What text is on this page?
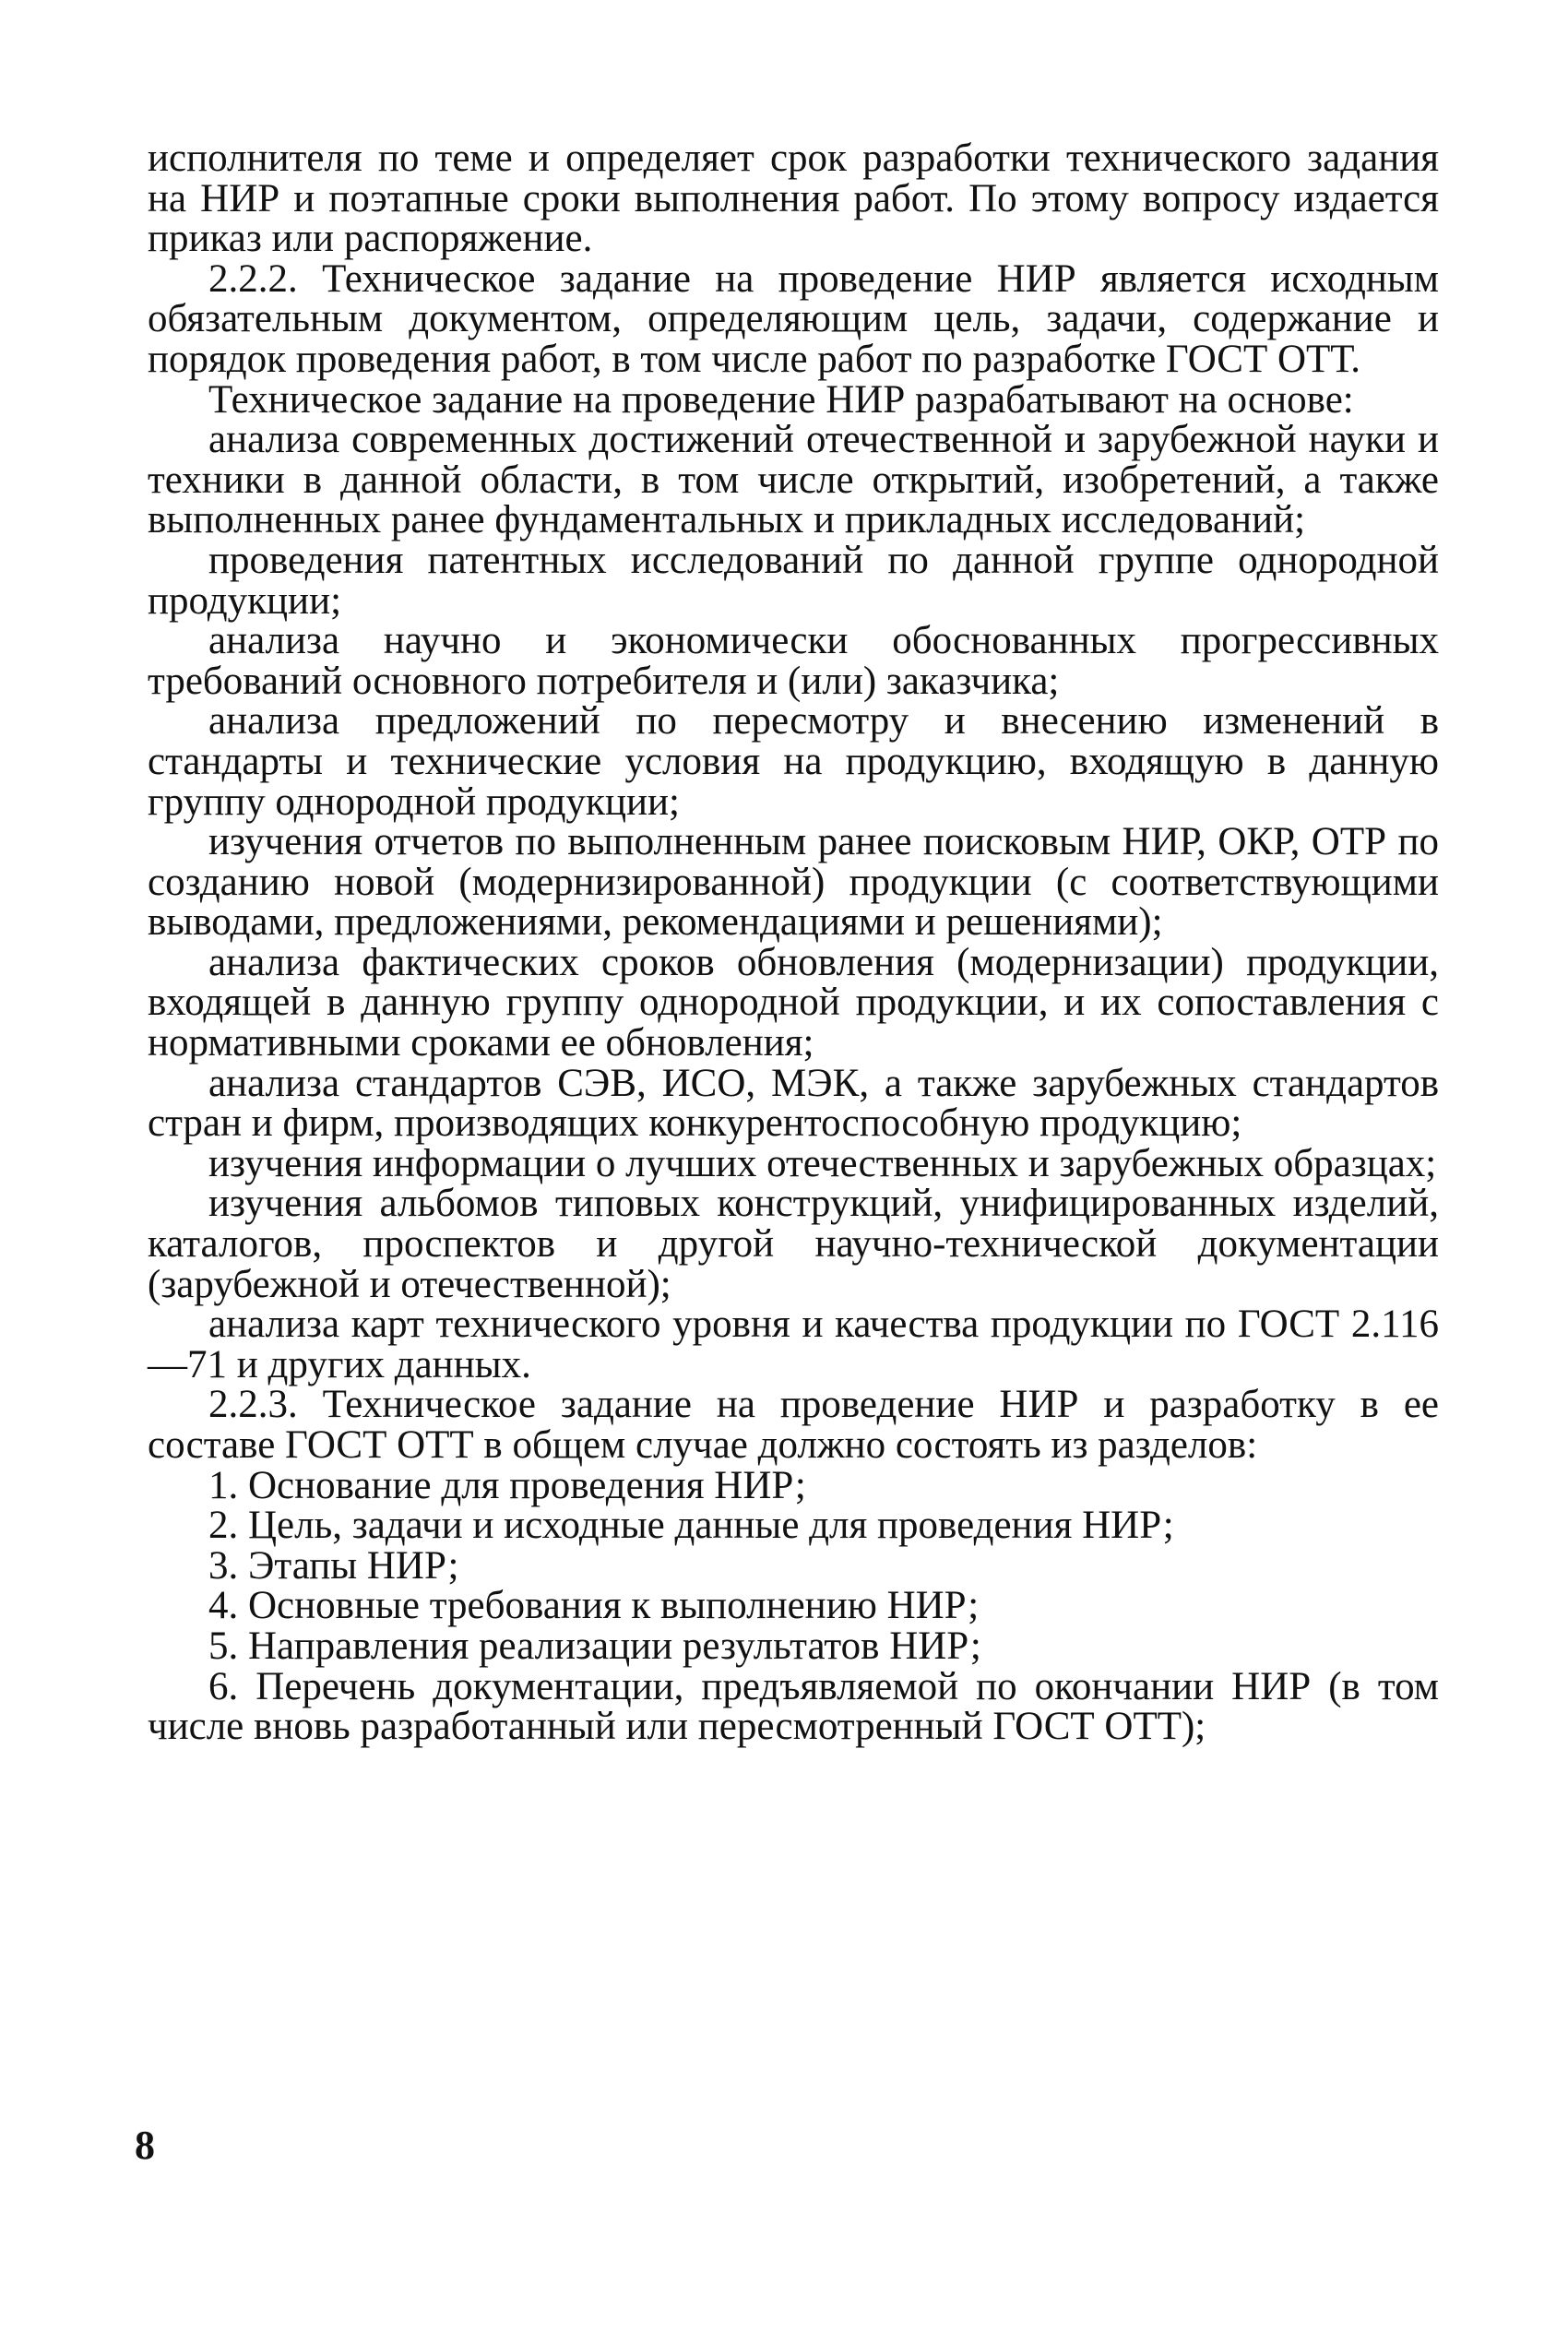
исполнителя по теме и определяет срок разработки технического задания на НИР и поэтапные сроки выполнения работ. По этому вопросу издается приказ или распоряжение.

2.2.2. Техническое задание на проведение НИР является исходным обязательным документом, определяющим цель, задачи, содержание и порядок проведения работ, в том числе работ по разработке ГОСТ ОТТ.

Техническое задание на проведение НИР разрабатывают на основе:

анализа современных достижений отечественной и зарубежной науки и техники в данной области, в том числе открытий, изобретений, а также выполненных ранее фундаментальных и прикладных исследований;

проведения патентных исследований по данной группе однородной продукции;

анализа научно и экономически обоснованных прогрессивных требований основного потребителя и (или) заказчика;

анализа предложений по пересмотру и внесению изменений в стандарты и технические условия на продукцию, входящую в данную группу однородной продукции;

изучения отчетов по выполненным ранее поисковым НИР, ОКР, ОТР по созданию новой (модернизированной) продукции (с соответствующими выводами, предложениями, рекомендациями и решениями);

анализа фактических сроков обновления (модернизации) продукции, входящей в данную группу однородной продукции, и их сопоставления с нормативными сроками ее обновления;

анализа стандартов СЭВ, ИСО, МЭК, а также зарубежных стандартов стран и фирм, производящих конкурентоспособную продукцию;

изучения информации о лучших отечественных и зарубежных образцах;

изучения альбомов типовых конструкций, унифицированных изделий, каталогов, проспектов и другой научно-технической документации (зарубежной и отечественной);

анализа карт технического уровня и качества продукции по ГОСТ 2.116—71 и других данных.

2.2.3. Техническое задание на проведение НИР и разработку в ее составе ГОСТ ОТТ в общем случае должно состоять из разделов:

1. Основание для проведения НИР;

2. Цель, задачи и исходные данные для проведения НИР;

3. Этапы НИР;

4. Основные требования к выполнению НИР;

5. Направления реализации результатов НИР;

6. Перечень документации, предъявляемой по окончании НИР (в том числе вновь разработанный или пересмотренный ГОСТ ОТТ);

8
